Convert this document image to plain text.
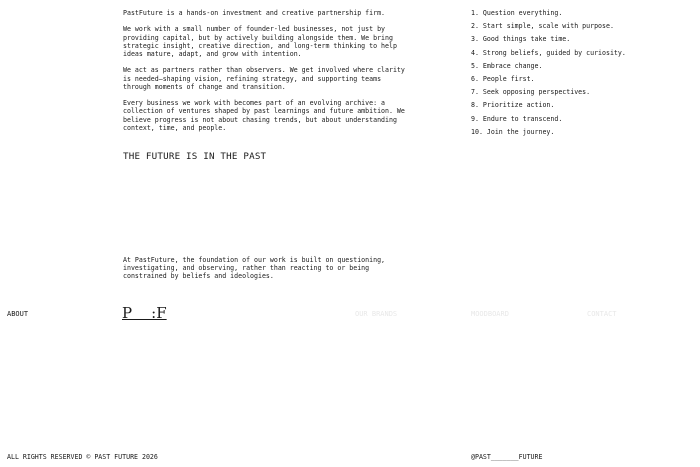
PastFuture is a hands-on investment and creative partnership firm.

We work with a small number of founder-led businesses, not just by providing capital, but by actively building alongside them. We bring strategic insight, creative direction, and long-term thinking to help ideas mature, adapt, and grow with intention.

We act as partners rather than observers. We get involved where clarity is needed—shaping vision, refining strategy, and supporting teams through moments of change and transition.

Every business we work with becomes part of an evolving archive: a collection of ventures shaped by past learnings and future ambition. We believe progress is not about chasing trends, but about understanding context, time, and people.

1. Question everything.
2. Start simple, scale with purpose.
3. Good things take time.
4. Strong beliefs, guided by curiosity.
5. Embrace change.
6. People first.
7. Seek opposing perspectives.
8. Prioritize action.
9. Endure to transcend.
10. Join the journey.
THE FUTURE IS IN THE PAST

At PastFuture, the foundation of our work is built on questioning, investigating, and observing, rather than reacting to or being constrained by beliefs and ideologies.

ABOUT	P    :F	OUR BRANDS	MOODBOARD	CONTACT
ALL RIGHTS RESERVED © PAST FUTURE 2026	@PAST_______FUTURE
